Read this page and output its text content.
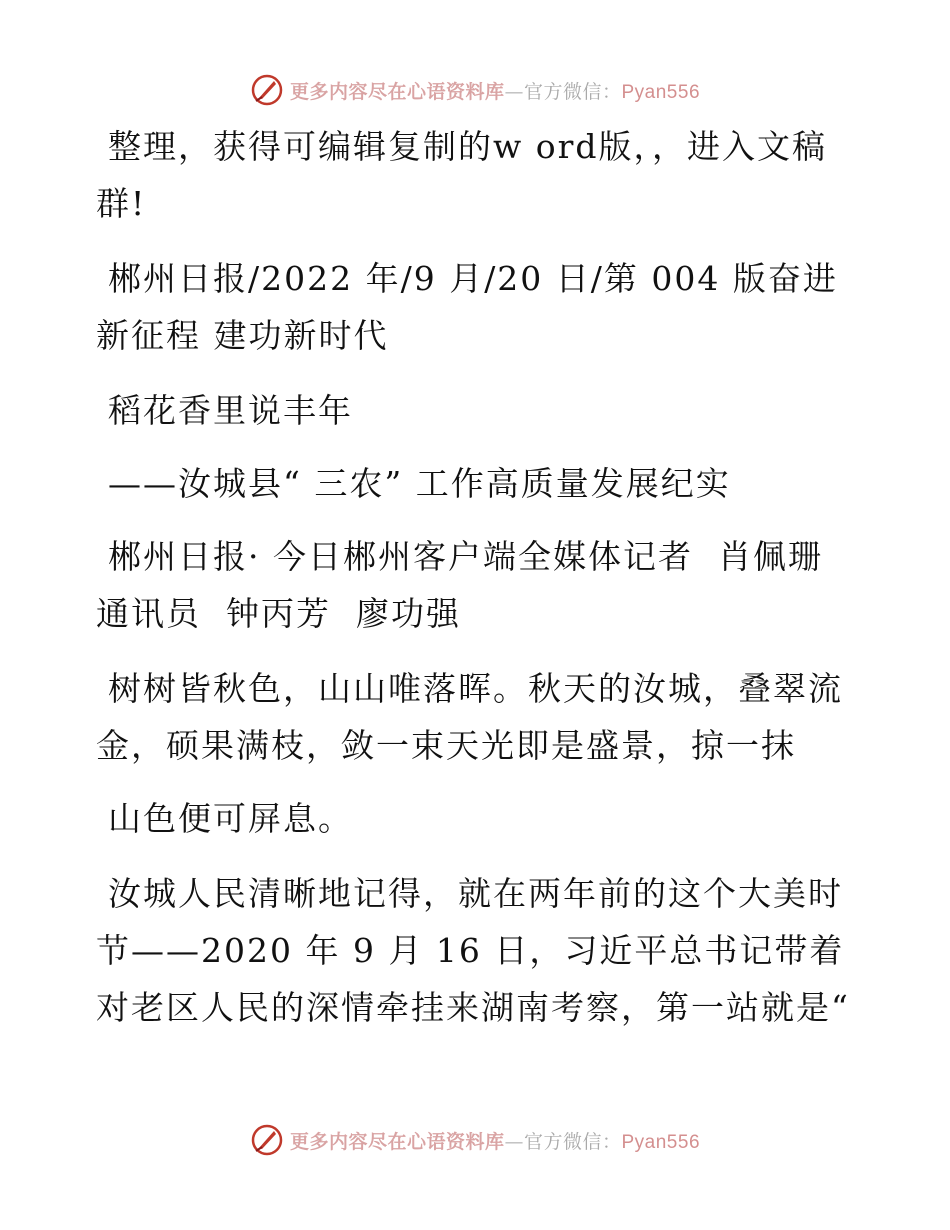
更多内容尽在心语资料库—官方微信：Pyan556

整理，获得可编辑复制的w ord版，，进入文稿群!

郴州日报/2022 年/9 月/20 日/第 004 版奋进新征程 建功新时代

稻花香里说丰年

——汝城县“ 三农” 工作高质量发展纪实

郴州日报· 今日郴州客户端全媒体记者  肖佩珊  通讯员  钟丙芳  廖功强

树树皆秋色，山山唯落晖。秋天的汝城，叠翠流金，硕果满枝，敛一束天光即是盛景，掠一抹

山色便可屏息。

汝城人民清晰地记得，就在两年前的这个大美时节——2020 年 9 月 16 日，习近平总书记带着对老区人民的深情牵挂来湖南考察，第一站就是“

更多内容尽在心语资料库—官方微信：Pyan556
